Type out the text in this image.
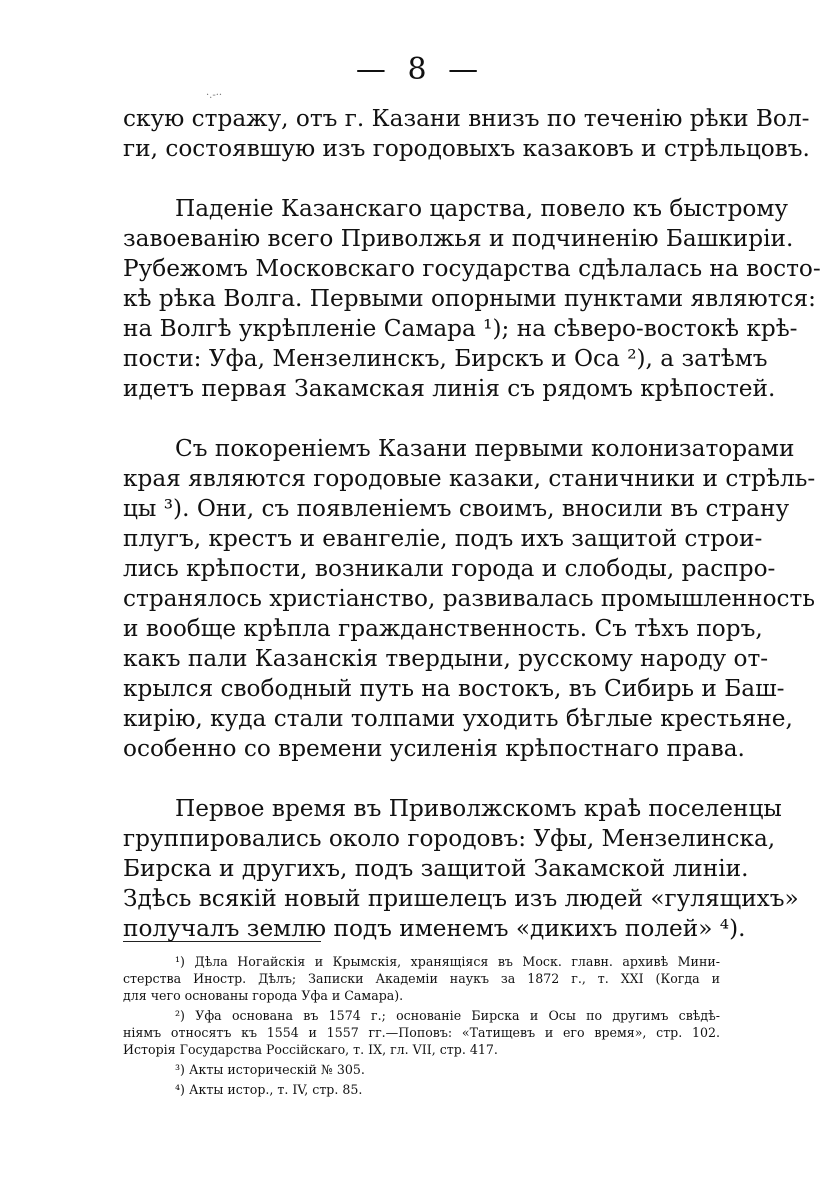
— 8 —
·.-··
скую стражу, отъ г. Казани внизъ по теченію рѣки Вол-
ги, состоявшую изъ городовыхъ казаковъ и стрѣльцовъ.
Паденіе Казанскаго царства, повело къ быстрому
завоеванію всего Приволжья и подчиненію Башкиріи.
Рубежомъ Московскаго государства сдѣлалась на восто-
кѣ рѣка Волга. Первыми опорными пунктами являются:
на Волгѣ укрѣпленіе Самара ¹); на сѣверо-востокѣ крѣ-
пости: Уфа, Мензелинскъ, Бирскъ и Оса ²), а затѣмъ
идетъ первая Закамская линія съ рядомъ крѣпостей.
Съ покореніемъ Казани первыми колонизаторами
края являются городовые казаки, станичники и стрѣль-
цы ³). Они, съ появленіемъ своимъ, вносили въ страну
плугъ, крестъ и евангеліе, подъ ихъ защитой строи-
лись крѣпости, возникали города и слободы, распро-
странялось христіанство, развивалась промышленность
и вообще крѣпла гражданственность. Съ тѣхъ поръ,
какъ пали Казанскія твердыни, русскому народу от-
крылся свободный путь на востокъ, въ Сибирь и Баш-
кирію, куда стали толпами уходить бѣглые крестьяне,
особенно со времени усиленія крѣпостнаго права.
Первое время въ Приволжскомъ краѣ поселенцы
группировались около городовъ: Уфы, Мензелинска,
Бирска и другихъ, подъ защитой Закамской линіи.
Здѣсь всякій новый пришелецъ изъ людей «гулящихъ»
получалъ землю подъ именемъ «дикихъ полей» ⁴).
¹) Дѣла Ногайскія и Крымскія, хранящіяся въ Моск. главн. архивѣ Мини-
стерства Иностр. Дѣлъ; Записки Академіи наукъ за 1872 г., т. XXI (Когда и
для чего основаны города Уфа и Самара).
²) Уфа основана въ 1574 г.; основаніе Бирска и Осы по другимъ свѣдѣ-
ніямъ относятъ къ 1554 и 1557 гг.—Поповъ: «Татищевъ и его время», стр. 102.
Исторія Государства Россійскаго, т. IX, гл. VII, стр. 417.
³) Акты историческій № 305.
⁴) Акты истор., т. IV, стр. 85.
